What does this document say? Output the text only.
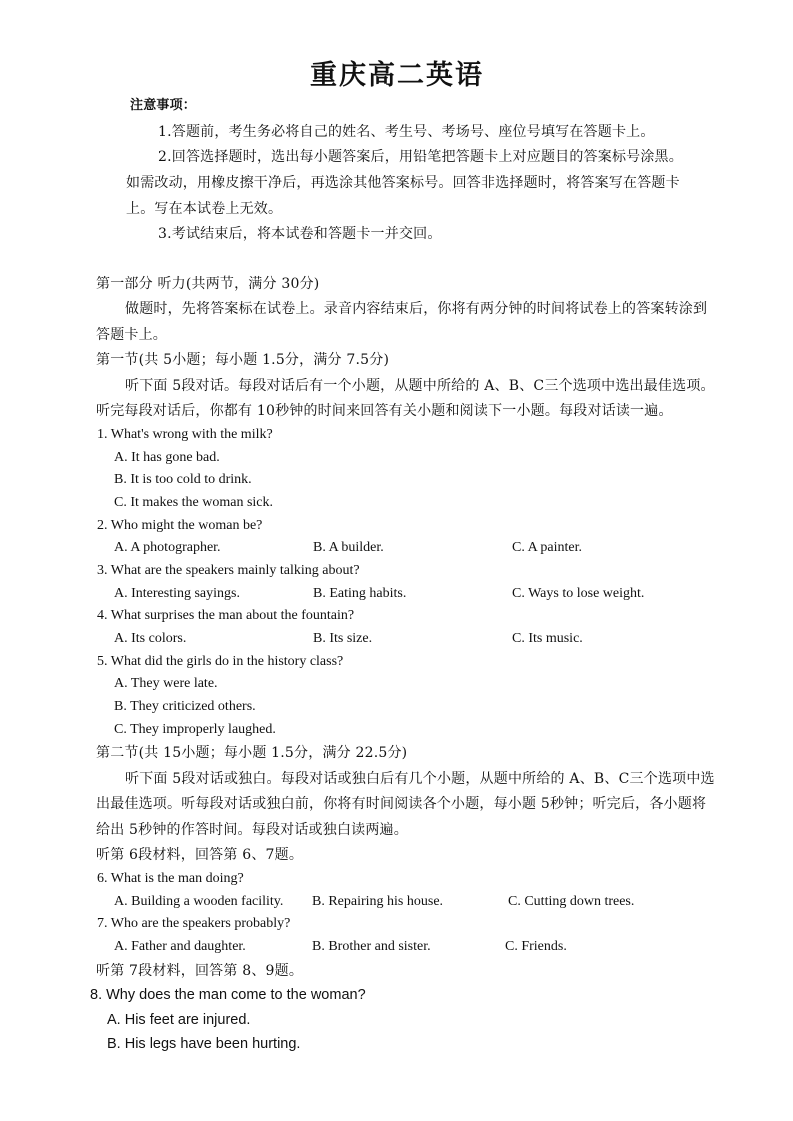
重庆高二英语
注意事项：
1.答题前，考生务必将自己的姓名、考生号、考场号、座位号填写在答题卡上。
2.回答选择题时，选出每小题答案后，用铅笔把答题卡上对应题目的答案标号涂黑。
如需改动，用橡皮擦干净后，再选涂其他答案标号。回答非选择题时，将答案写在答题卡
上。写在本试卷上无效。
3.考试结束后，将本试卷和答题卡一并交回。
第一部分 听力(共两节，满分 30分)
做题时，先将答案标在试卷上。录音内容结束后，你将有两分钟的时间将试卷上的答案转涂到
答题卡上。
第一节(共 5小题；每小题 1.5分，满分 7.5分)
听下面 5段对话。每段对话后有一个小题，从题中所给的 A、B、C三个选项中选出最佳选项。
听完每段对话后，你都有 10秒钟的时间来回答有关小题和阅读下一小题。每段对话读一遍。
1. What's wrong with the milk?
A. It has gone bad.
B. It is too cold to drink.
C. It makes the woman sick.
2. Who might the woman be?
A. A photographer.	B. A builder.	C. A painter.
3. What are the speakers mainly talking about?
A. Interesting sayings.	B. Eating habits.	C. Ways to lose weight.
4. What surprises the man about the fountain?
A. Its colors.	B. Its size.	C. Its music.
5. What did the girls do in the history class?
A. They were late.
B. They criticized others.
C. They improperly laughed.
第二节(共 15小题；每小题 1.5分，满分 22.5分)
听下面 5段对话或独白。每段对话或独白后有几个小题，从题中所给的 A、B、C三个选项中选
出最佳选项。听每段对话或独白前，你将有时间阅读各个小题，每小题 5秒钟；听完后，各小题将
给出 5秒钟的作答时间。每段对话或独白读两遍。
听第 6段材料，回答第 6、7题。
6. What is the man doing?
A. Building a wooden facility. B. Repairing his house.	C. Cutting down trees.
7. Who are the speakers probably?
A. Father and daughter.	B. Brother and sister.	C. Friends.
听第 7段材料，回答第 8、9题。
8. Why does the man come to the woman?
A. His feet are injured.
B. His legs have been hurting.
